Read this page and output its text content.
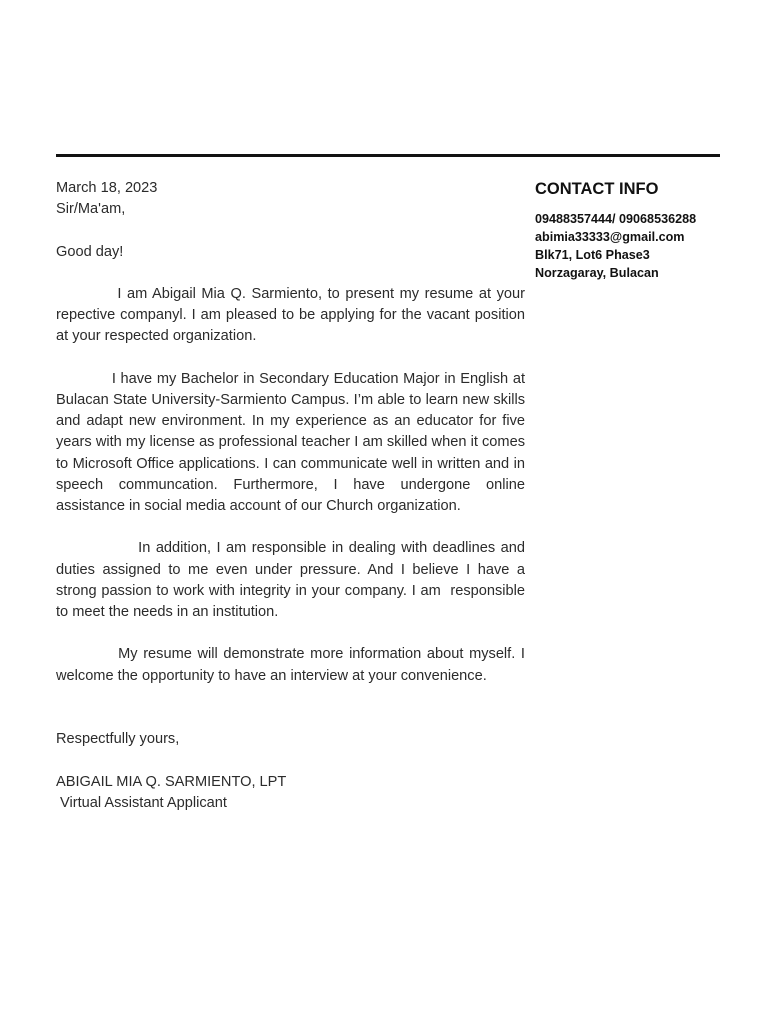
March 18, 2023

Sir/Ma'am,

Good day!

I am Abigail Mia Q. Sarmiento, to present my resume at your repective companyl. I am pleased to be applying for the vacant position at your respected organization.

I have my Bachelor in Secondary Education Major in English at Bulacan State University-Sarmiento Campus. I’m able to learn new skills and adapt new environment. In my experience as an educator for five years with my license as professional teacher I am skilled when it comes to Microsoft Office applications. I can communicate well in written and in speech communcation. Furthermore, I have undergone online assistance in social media account of our Church organization.

In addition, I am responsible in dealing with deadlines and duties assigned to me even under pressure. And I believe I have a strong passion to work with integrity in your company. I am  responsible to meet the needs in an institution.

My resume will demonstrate more information about myself. I welcome the opportunity to have an interview at your convenience.

Respectfully yours,

ABIGAIL MIA Q. SARMIENTO, LPT

Virtual Assistant Applicant

CONTACT INFO
09488357444/ 09068536288
abimia33333@gmail.com
Blk71, Lot6 Phase3
Norzagaray, Bulacan
